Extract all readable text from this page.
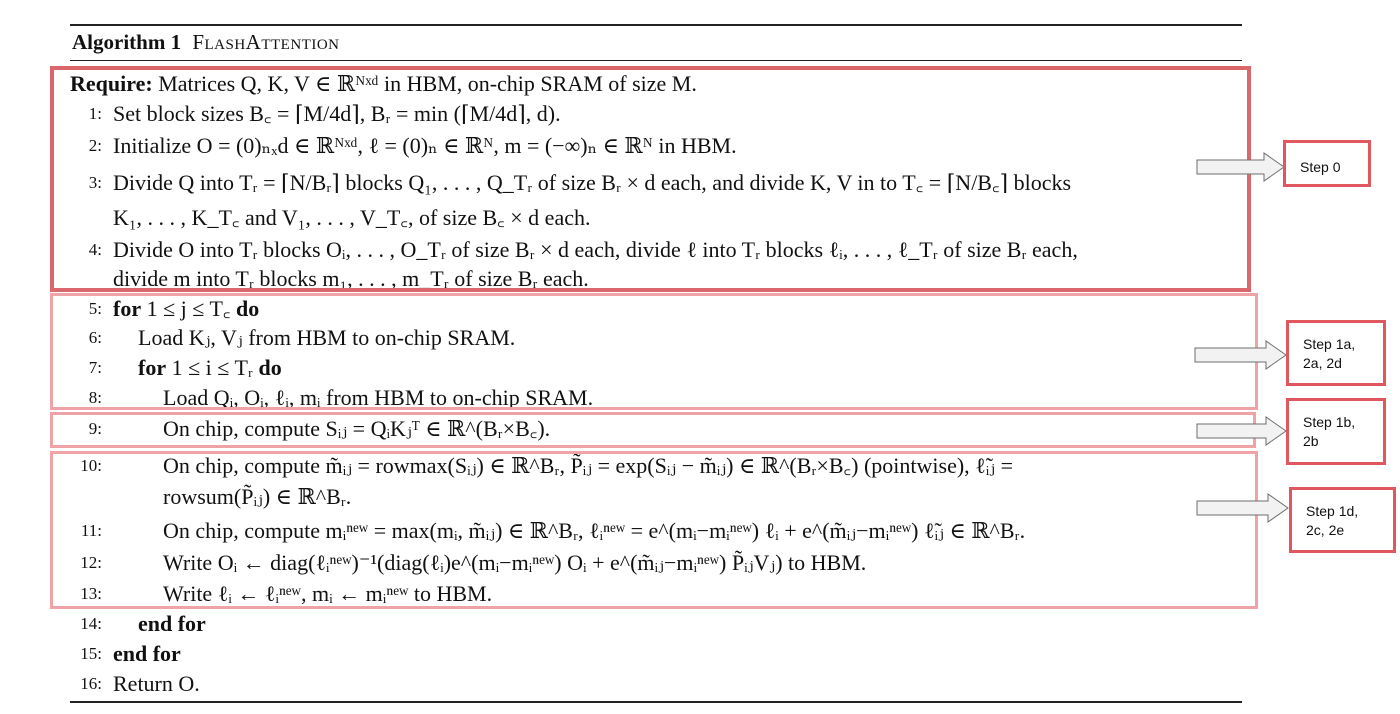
Algorithm 1 FlashAttention
Require: Matrices Q, K, V ∈ ℝᴺˣᵈ in HBM, on-chip SRAM of size M.
1: Set block sizes B꜀ = ⌈M/4d⌉, Bᵣ = min (⌈M/4d⌉, d).
2: Initialize O = (0)ₙₓd ∈ ℝᴺˣᵈ, ℓ = (0)ₙ ∈ ℝᴺ, m = (−∞)ₙ ∈ ℝᴺ in HBM.
3: Divide Q into Tᵣ = ⌈N/Bᵣ⌉ blocks Q₁, . . . , Q_Tᵣ of size Bᵣ × d each, and divide K, V in to T꜀ = ⌈N/B꜀⌉ blocks
K₁, . . . , K_T꜀ and V₁, . . . , V_T꜀, of size B꜀ × d each.
4: Divide O into Tᵣ blocks Oᵢ, . . . , O_Tᵣ of size Bᵣ × d each, divide ℓ into Tᵣ blocks ℓᵢ, . . . , ℓ_Tᵣ of size Bᵣ each,
divide m into Tᵣ blocks m₁, . . . , m_Tᵣ of size Bᵣ each.
5: for 1 ≤ j ≤ T꜀ do
6: Load Kⱼ, Vⱼ from HBM to on-chip SRAM.
7: for 1 ≤ i ≤ Tᵣ do
8:	Load Qᵢ, Oᵢ, ℓᵢ, mᵢ from HBM to on-chip SRAM.
9:	On chip, compute Sᵢⱼ = QᵢKⱼᵀ ∈ ℝ^(Bᵣ×B꜀).
10:	On chip, compute m̃ᵢⱼ = rowmax(Sᵢⱼ) ∈ ℝ^Bᵣ, P̃ᵢⱼ = exp(Sᵢⱼ − m̃ᵢⱼ) ∈ ℝ^(Bᵣ×B꜀) (pointwise), ℓ̃ᵢⱼ =
rowsum(P̃ᵢⱼ) ∈ ℝ^Bᵣ.
11:	On chip, compute mᵢⁿᵉʷ = max(mᵢ, m̃ᵢⱼ) ∈ ℝ^Bᵣ, ℓᵢⁿᵉʷ = e^(mᵢ−mᵢⁿᵉʷ) ℓᵢ + e^(m̃ᵢⱼ−mᵢⁿᵉʷ) ℓ̃ᵢⱼ ∈ ℝ^Bᵣ.
12:	Write Oᵢ ← diag(ℓᵢⁿᵉʷ)⁻¹(diag(ℓᵢ)e^(mᵢ−mᵢⁿᵉʷ) Oᵢ + e^(m̃ᵢⱼ−mᵢⁿᵉʷ) P̃ᵢⱼVⱼ) to HBM.
13:	Write ℓᵢ ← ℓᵢⁿᵉʷ, mᵢ ← mᵢⁿᵉʷ to HBM.
14: end for
15: end for
16: Return O.
Step 0
Step 1a,
2a, 2d
Step 1b,
2b
Step 1d,
2c, 2e
